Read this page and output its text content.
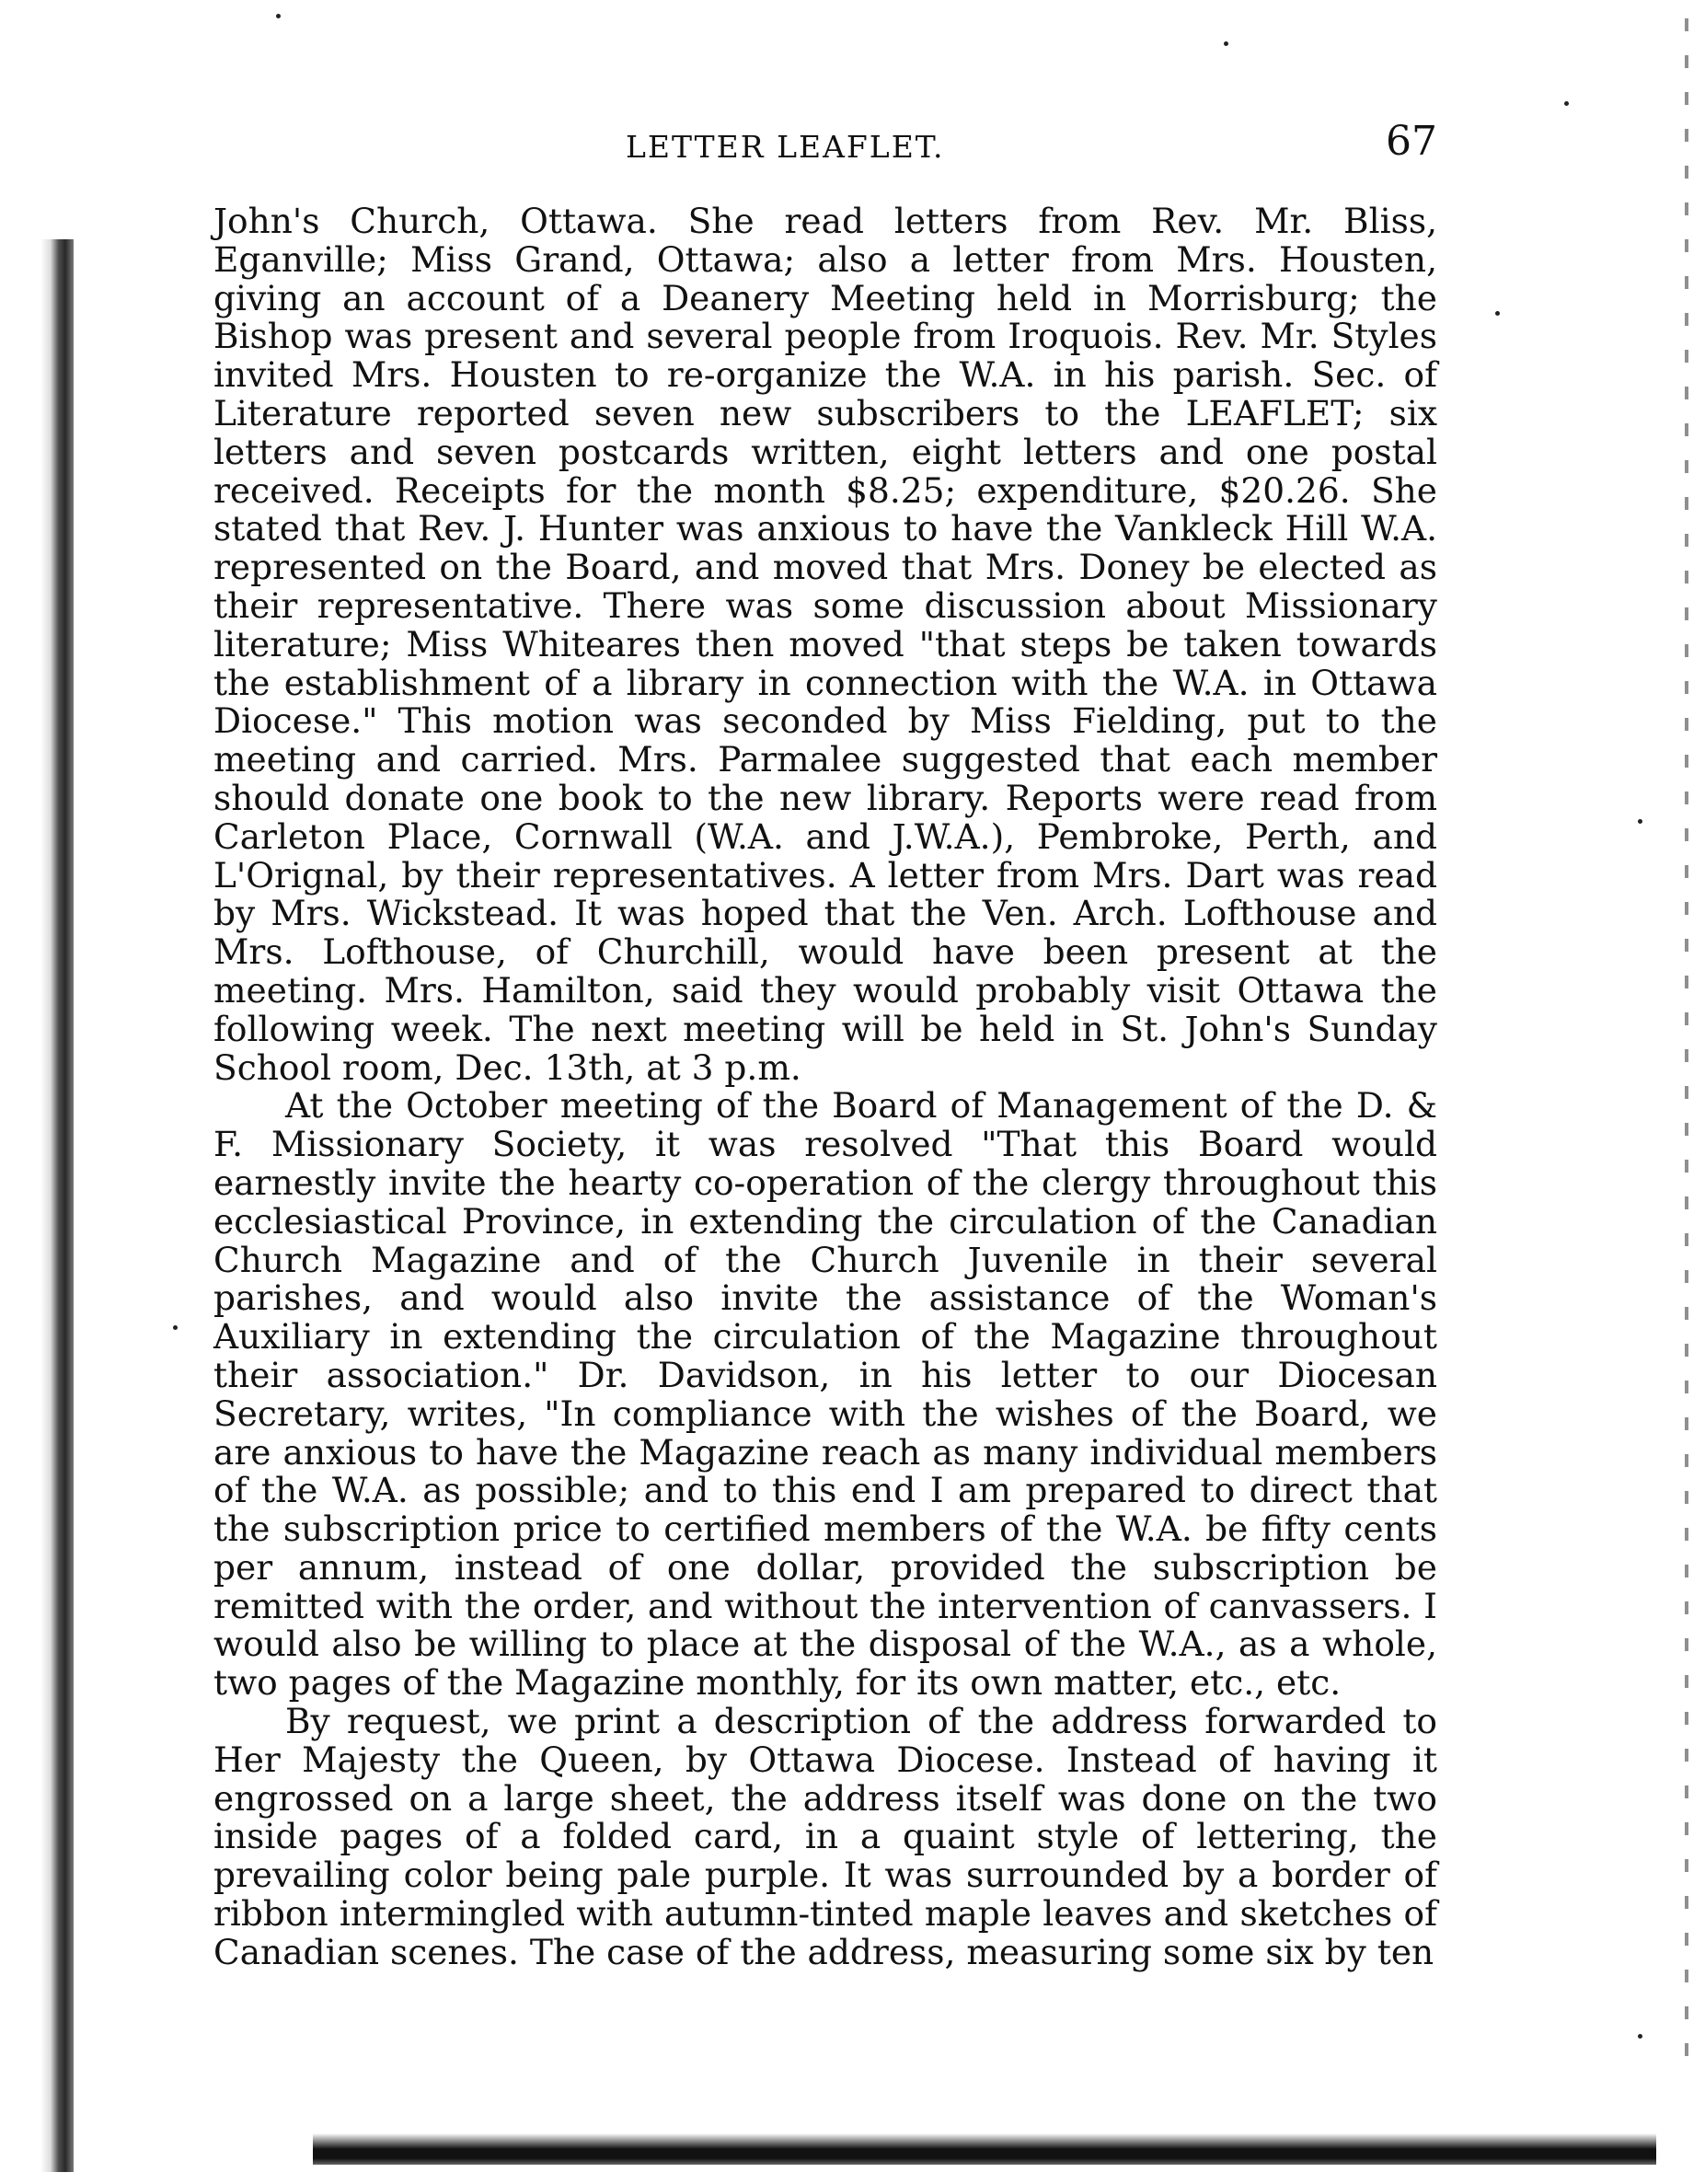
LETTER LEAFLET.	67

John's Church, Ottawa. She read letters from Rev. Mr. Bliss, Eganville; Miss Grand, Ottawa; also a letter from Mrs. Housten, giving an account of a Deanery Meeting held in Morrisburg; the Bishop was present and several people from Iroquois. Rev. Mr. Styles invited Mrs. Housten to re-organize the W.A. in his parish. Sec. of Literature reported seven new subscribers to the LEAFLET; six letters and seven postcards written, eight letters and one postal received. Receipts for the month $8.25; expenditure, $20.26. She stated that Rev. J. Hunter was anxious to have the Vankleck Hill W.A. represented on the Board, and moved that Mrs. Doney be elected as their representative. There was some discussion about Missionary literature; Miss Whiteares then moved "that steps be taken towards the establishment of a library in connection with the W.A. in Ottawa Diocese." This motion was seconded by Miss Fielding, put to the meeting and carried. Mrs. Parmalee suggested that each member should donate one book to the new library. Reports were read from Carleton Place, Cornwall (W.A. and J.W.A.), Pembroke, Perth, and L'Orignal, by their representatives. A letter from Mrs. Dart was read by Mrs. Wickstead. It was hoped that the Ven. Arch. Lofthouse and Mrs. Lofthouse, of Churchill, would have been present at the meeting. Mrs. Hamilton, said they would probably visit Ottawa the following week. The next meeting will be held in St. John's Sunday School room, Dec. 13th, at 3 p.m.

At the October meeting of the Board of Management of the D. & F. Missionary Society, it was resolved "That this Board would earnestly invite the hearty co-operation of the clergy throughout this ecclesiastical Province, in extending the circulation of the Canadian Church Magazine and of the Church Juvenile in their several parishes, and would also invite the assistance of the Woman's Auxiliary in extending the circulation of the Magazine throughout their association." Dr. Davidson, in his letter to our Diocesan Secretary, writes, "In compliance with the wishes of the Board, we are anxious to have the Magazine reach as many individual members of the W.A. as possible; and to this end I am prepared to direct that the subscription price to certified members of the W.A. be fifty cents per annum, instead of one dollar, provided the subscription be remitted with the order, and without the intervention of canvassers. I would also be willing to place at the disposal of the W.A., as a whole, two pages of the Magazine monthly, for its own matter, etc., etc.

By request, we print a description of the address forwarded to Her Majesty the Queen, by Ottawa Diocese. Instead of having it engrossed on a large sheet, the address itself was done on the two inside pages of a folded card, in a quaint style of lettering, the prevailing color being pale purple. It was surrounded by a border of ribbon intermingled with autumn-tinted maple leaves and sketches of Canadian scenes. The case of the address, measuring some six by ten
